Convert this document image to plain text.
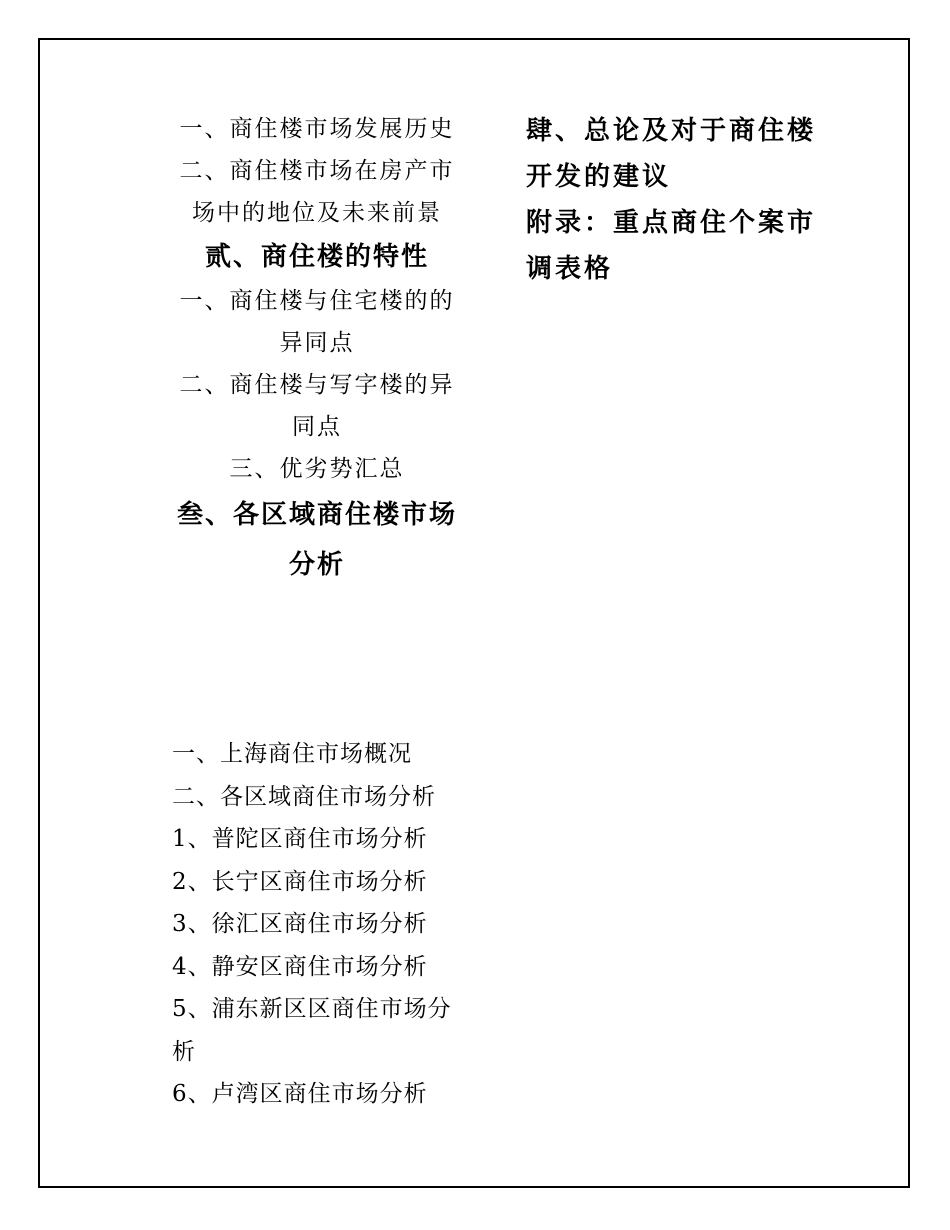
一、商住楼市场发展历史
二、商住楼市场在房产市
场中的地位及未来前景
贰、商住楼的特性
一、商住楼与住宅楼的的
异同点
二、商住楼与写字楼的异
同点
三、优劣势汇总
叁、各区域商住楼市场
分析
一、上海商住市场概况
二、各区域商住市场分析
1、普陀区商住市场分析
2、长宁区商住市场分析
3、徐汇区商住市场分析
4、静安区商住市场分析
5、浦东新区区商住市场分
析
6、卢湾区商住市场分析
肆、总论及对于商住楼
开发的建议
附录：重点商住个案市
调表格
